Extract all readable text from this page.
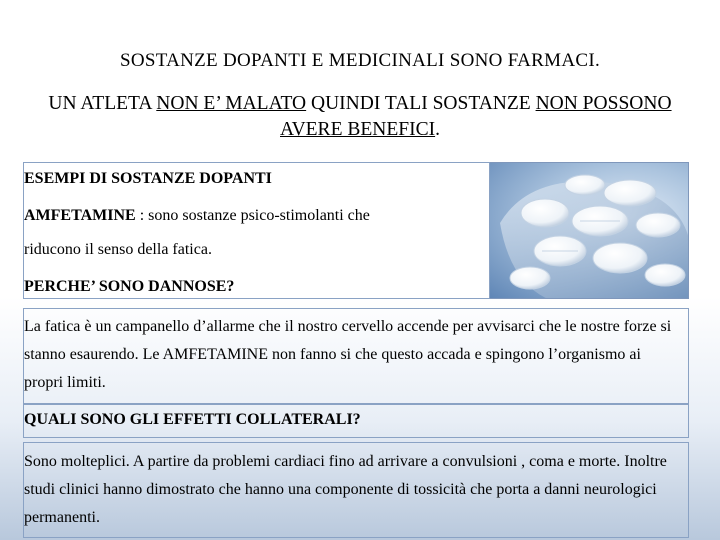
SOSTANZE DOPANTI E MEDICINALI SONO FARMACI.
UN ATLETA NON E’ MALATO QUINDI TALI SOSTANZE NON POSSONO AVERE BENEFICI.
ESEMPI DI SOSTANZE DOPANTI
AMFETAMINE : sono sostanze psico-stimolanti che
riducono il senso della fatica.
PERCHE’ SONO DANNOSE?
La fatica è un campanello d’allarme che il nostro cervello accende per avvisarci che le nostre forze si stanno esaurendo. Le AMFETAMINE non fanno si che questo accada e spingono l’organismo ai propri limiti.
QUALI SONO GLI EFFETTI COLLATERALI?
Sono molteplici. A partire da problemi cardiaci fino ad arrivare a convulsioni , coma e morte. Inoltre studi clinici hanno dimostrato che hanno una componente di tossicità che porta a danni neurologici permanenti.
